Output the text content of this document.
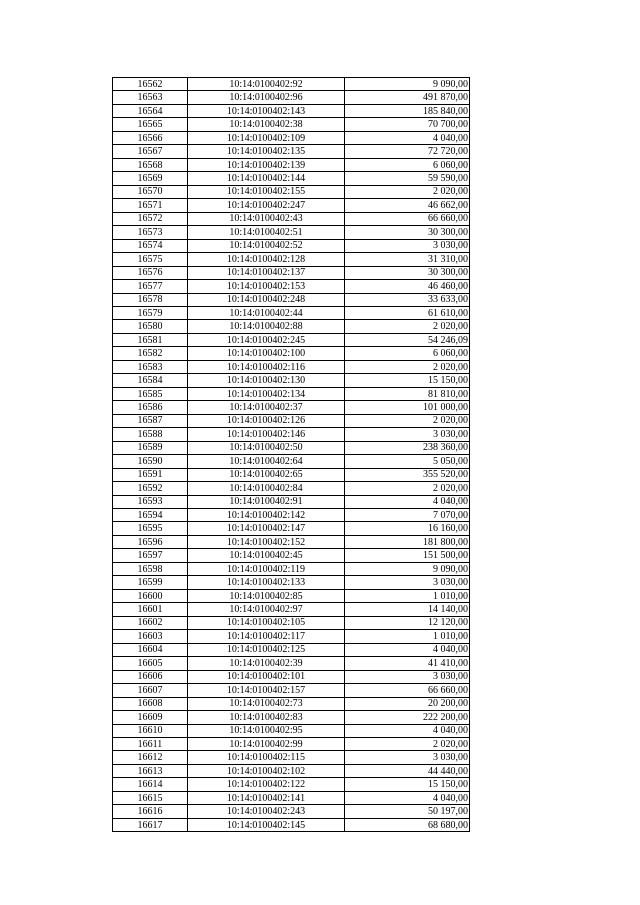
16562	10:14:0100402:92	9 090,00
16563	10:14:0100402:96	491 870,00
16564	10:14:0100402:143	185 840,00
16565	10:14:0100402:38	70 700,00
16566	10:14:0100402:109	4 040,00
16567	10:14:0100402:135	72 720,00
16568	10:14:0100402:139	6 060,00
16569	10:14:0100402:144	59 590,00
16570	10:14:0100402:155	2 020,00
16571	10:14:0100402:247	46 662,00
16572	10:14:0100402:43	66 660,00
16573	10:14:0100402:51	30 300,00
16574	10:14:0100402:52	3 030,00
16575	10:14:0100402:128	31 310,00
16576	10:14:0100402:137	30 300,00
16577	10:14:0100402:153	46 460,00
16578	10:14:0100402:248	33 633,00
16579	10:14:0100402:44	61 610,00
16580	10:14:0100402:88	2 020,00
16581	10:14:0100402:245	54 246,09
16582	10:14:0100402:100	6 060,00
16583	10:14:0100402:116	2 020,00
16584	10:14:0100402:130	15 150,00
16585	10:14:0100402:134	81 810,00
16586	10:14:0100402:37	101 000,00
16587	10:14:0100402:126	2 020,00
16588	10:14:0100402:146	3 030,00
16589	10:14:0100402:50	238 360,00
16590	10:14:0100402:64	5 050,00
16591	10:14:0100402:65	355 520,00
16592	10:14:0100402:84	2 020,00
16593	10:14:0100402:91	4 040,00
16594	10:14:0100402:142	7 070,00
16595	10:14:0100402:147	16 160,00
16596	10:14:0100402:152	181 800,00
16597	10:14:0100402:45	151 500,00
16598	10:14:0100402:119	9 090,00
16599	10:14:0100402:133	3 030,00
16600	10:14:0100402:85	1 010,00
16601	10:14:0100402:97	14 140,00
16602	10:14:0100402:105	12 120,00
16603	10:14:0100402:117	1 010,00
16604	10:14:0100402:125	4 040,00
16605	10:14:0100402:39	41 410,00
16606	10:14:0100402:101	3 030,00
16607	10:14:0100402:157	66 660,00
16608	10:14:0100402:73	20 200,00
16609	10:14:0100402:83	222 200,00
16610	10:14:0100402:95	4 040,00
16611	10:14:0100402:99	2 020,00
16612	10:14:0100402:115	3 030,00
16613	10:14:0100402:102	44 440,00
16614	10:14:0100402:122	15 150,00
16615	10:14:0100402:141	4 040,00
16616	10:14:0100402:243	50 197,00
16617	10:14:0100402:145	68 680,00
